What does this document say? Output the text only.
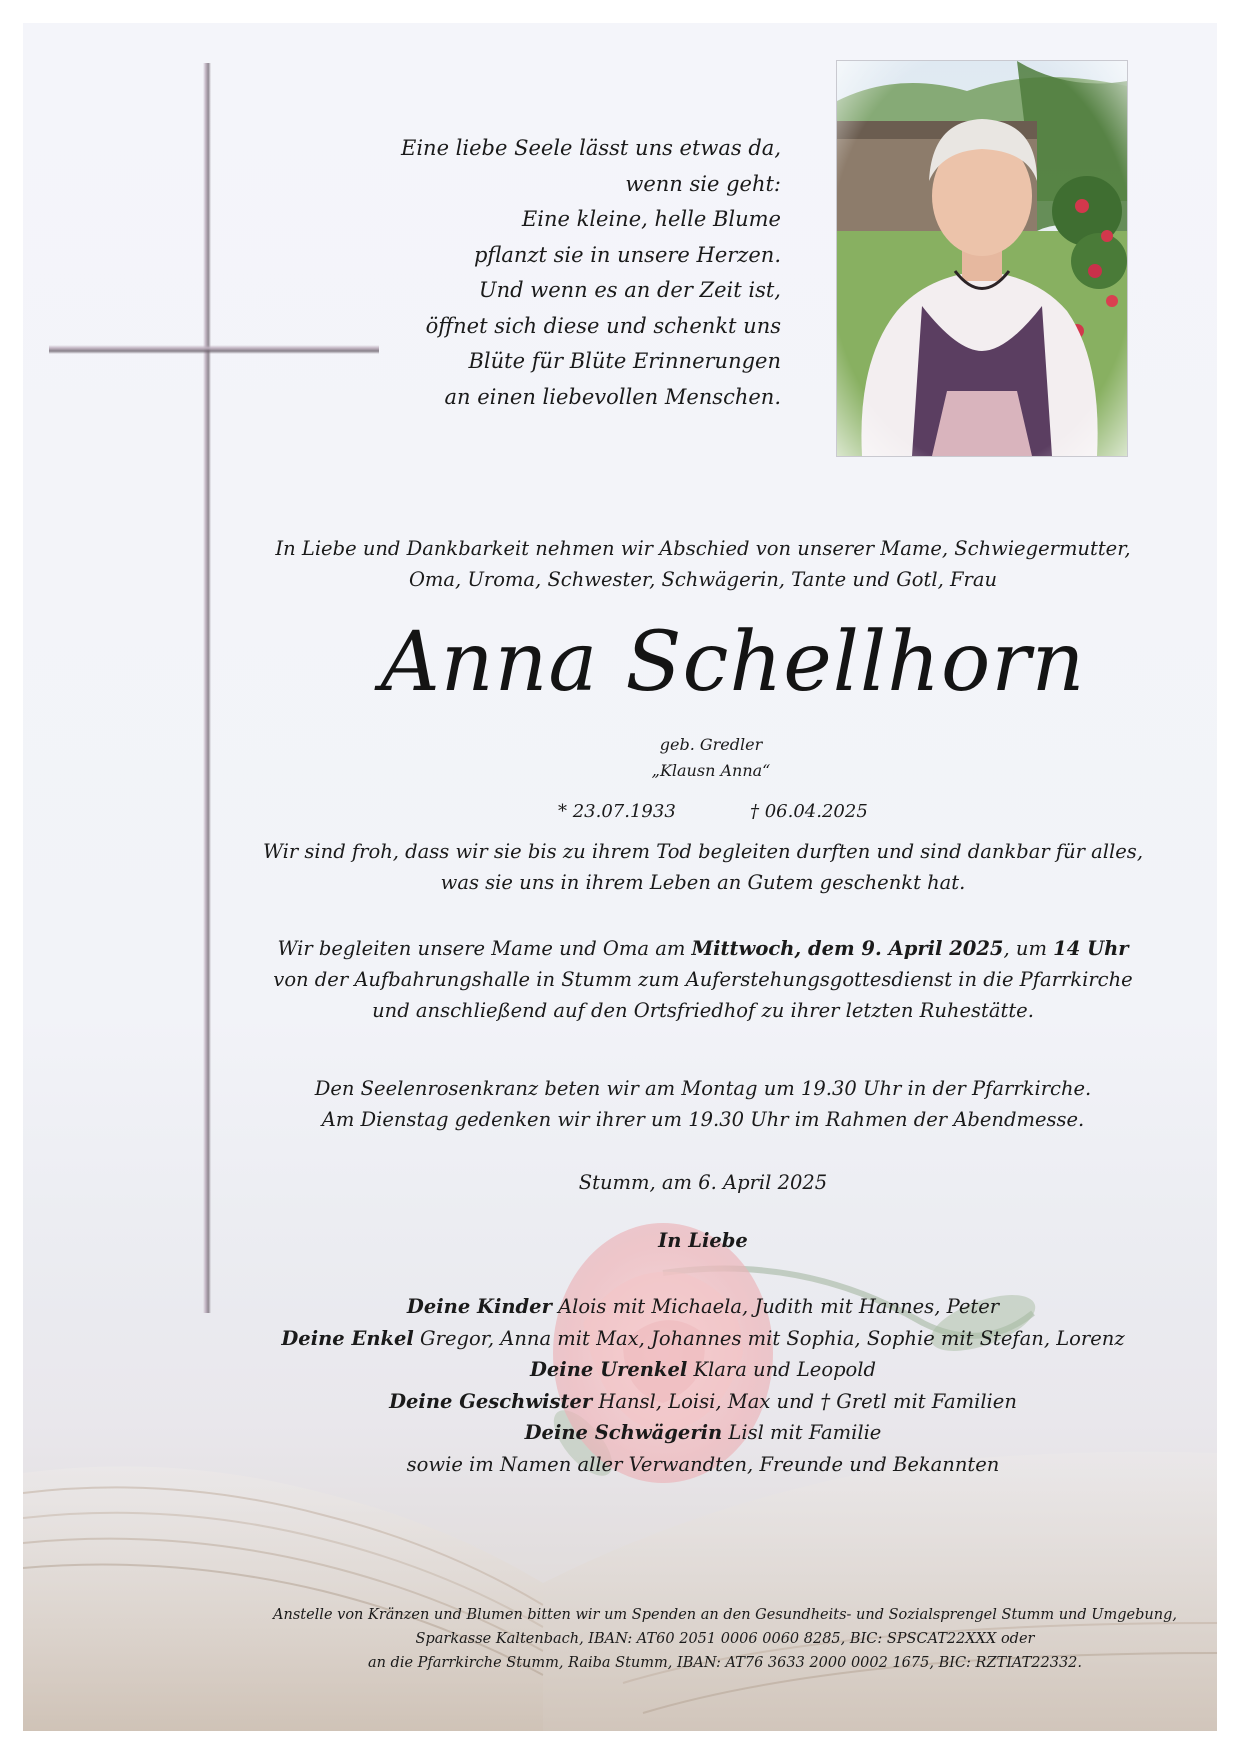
Eine liebe Seele lässt uns etwas da,
wenn sie geht:
Eine kleine, helle Blume
pflanzt sie in unsere Herzen.
Und wenn es an der Zeit ist,
öffnet sich diese und schenkt uns
Blüte für Blüte Erinnerungen
an einen liebevollen Menschen.
In Liebe und Dankbarkeit nehmen wir Abschied von unserer Mame, Schwiegermutter,
Oma, Uroma, Schwester, Schwägerin, Tante und Gotl, Frau
Anna Schellhorn
geb. Gredler
„Klausn Anna“
* 23.07.1933	† 06.04.2025
Wir sind froh, dass wir sie bis zu ihrem Tod begleiten durften und sind dankbar für alles,
was sie uns in ihrem Leben an Gutem geschenkt hat.
Wir begleiten unsere Mame und Oma am Mittwoch, dem 9. April 2025, um 14 Uhr
von der Aufbahrungshalle in Stumm zum Auferstehungsgottesdienst in die Pfarrkirche
und anschließend auf den Ortsfriedhof zu ihrer letzten Ruhestätte.
Den Seelenrosenkranz beten wir am Montag um 19.30 Uhr in der Pfarrkirche.
Am Dienstag gedenken wir ihrer um 19.30 Uhr im Rahmen der Abendmesse.
Stumm, am 6. April 2025
In Liebe
Deine Kinder Alois mit Michaela, Judith mit Hannes, Peter
Deine Enkel Gregor, Anna mit Max, Johannes mit Sophia, Sophie mit Stefan, Lorenz
Deine Urenkel Klara und Leopold
Deine Geschwister Hansl, Loisi, Max und † Gretl mit Familien
Deine Schwägerin Lisl mit Familie
sowie im Namen aller Verwandten, Freunde und Bekannten
Anstelle von Kränzen und Blumen bitten wir um Spenden an den Gesundheits- und Sozialsprengel Stumm und Umgebung,
Sparkasse Kaltenbach, IBAN: AT60 2051 0006 0060 8285, BIC: SPSCAT22XXX oder
an die Pfarrkirche Stumm, Raiba Stumm, IBAN: AT76 3633 2000 0002 1675, BIC: RZTIAT22332.
